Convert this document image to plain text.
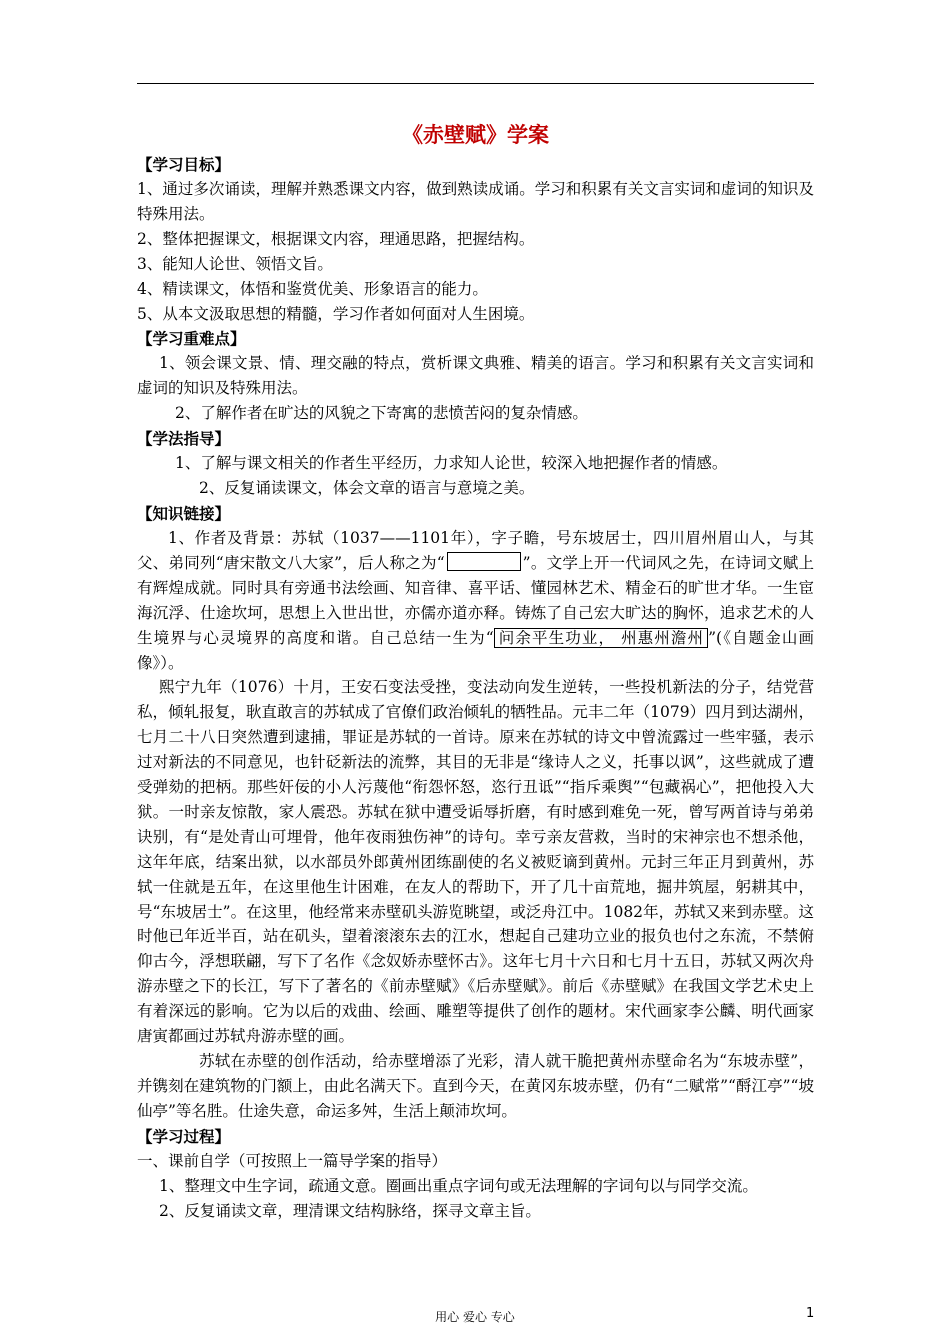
《赤壁赋》学案
【学习目标】

1、通过多次诵读，理解并熟悉课文内容，做到熟读成诵。学习和积累有关文言实词和虚词的知识及特殊用法。

2、整体把握课文，根据课文内容，理通思路，把握结构。

3、能知人论世、领悟文旨。

4、精读课文，体悟和鉴赏优美、形象语言的能力。

5、从本文汲取思想的精髓，学习作者如何面对人生困境。

【学习重难点】

1、领会课文景、情、理交融的特点，赏析课文典雅、精美的语言。学习和积累有关文言实词和虚词的知识及特殊用法。

2、了解作者在旷达的风貌之下寄寓的悲愤苦闷的复杂情感。

【学法指导】

1、了解与课文相关的作者生平经历，力求知人论世，较深入地把握作者的情感。

2、反复诵读课文，体会文章的语言与意境之美。

【知识链接】

1、作者及背景：苏轼（1037——1101年），字子瞻，号东坡居士，四川眉州眉山人，与其父、弟同列“唐宋散文八大家”，后人称之为“	”。文学上开一代词风之先，在诗词文赋上有辉煌成就。同时具有旁通书法绘画、知音律、喜平话、懂园林艺术、精金石的旷世才华。一生宦海沉浮、仕途坎坷，思想上入世出世，亦儒亦道亦释。铸炼了自己宏大旷达的胸怀，追求艺术的人生境界与心灵境界的高度和谐。自己总结一生为“ 问余平生功业， 州惠州澹州 ”(《自题金山画像》）。

熙宁九年（1076）十月，王安石变法受挫，变法动向发生逆转，一些投机新法的分子，结党营私，倾轧报复，耿直敢言的苏轼成了官僚们政治倾轧的牺牲品。元丰二年（1079）四月到达湖州，七月二十八日突然遭到逮捕，罪证是苏轼的一首诗。原来在苏轼的诗文中曾流露过一些牢骚，表示过对新法的不同意见，也针砭新法的流弊，其目的无非是“缘诗人之义，托事以讽”，这些就成了遭受弹劾的把柄。那些奸佞的小人污蔑他“衔怨怀怒，恣行丑诋”“指斥乘舆”“包藏祸心”，把他投入大狱。一时亲友惊散，家人震恐。苏轼在狱中遭受诟辱折磨，有时感到难免一死，曾写两首诗与弟弟诀别，有“是处青山可埋骨，他年夜雨独伤神”的诗句。幸亏亲友营救，当时的宋神宗也不想杀他，这年年底，结案出狱，以水部员外郎黄州团练副使的名义被贬谪到黄州。元封三年正月到黄州，苏轼一住就是五年，在这里他生计困难，在友人的帮助下，开了几十亩荒地，掘井筑屋，躬耕其中，号“东坡居士”。在这里，他经常来赤壁矶头游览眺望，或泛舟江中。1082年，苏轼又来到赤壁。这时他已年近半百，站在矶头，望着滚滚东去的江水，想起自己建功立业的报负也付之东流，不禁俯仰古今，浮想联翩，写下了名作《念奴娇赤壁怀古》。这年七月十六日和七月十五日，苏轼又两次舟游赤壁之下的长江，写下了著名的《前赤壁赋》《后赤壁赋》。前后《赤壁赋》在我国文学艺术史上有着深远的影响。它为以后的戏曲、绘画、雕塑等提供了创作的题材。宋代画家李公麟、明代画家唐寅都画过苏轼舟游赤壁的画。

苏轼在赤壁的创作活动，给赤壁增添了光彩，清人就干脆把黄州赤壁命名为“东坡赤壁”，并镌刻在建筑物的门额上，由此名满天下。直到今天，在黄冈东坡赤壁，仍有“二赋常”“酹江亭”“坡仙亭”等名胜。仕途失意，命运多舛，生活上颠沛坎坷。

【学习过程】

一、课前自学（可按照上一篇导学案的指导）

1、整理文中生字词，疏通文意。圈画出重点字词句或无法理解的字词句以与同学交流。

2、反复诵读文章，理清课文结构脉络，探寻文章主旨。

用心 爱心 专心	1
